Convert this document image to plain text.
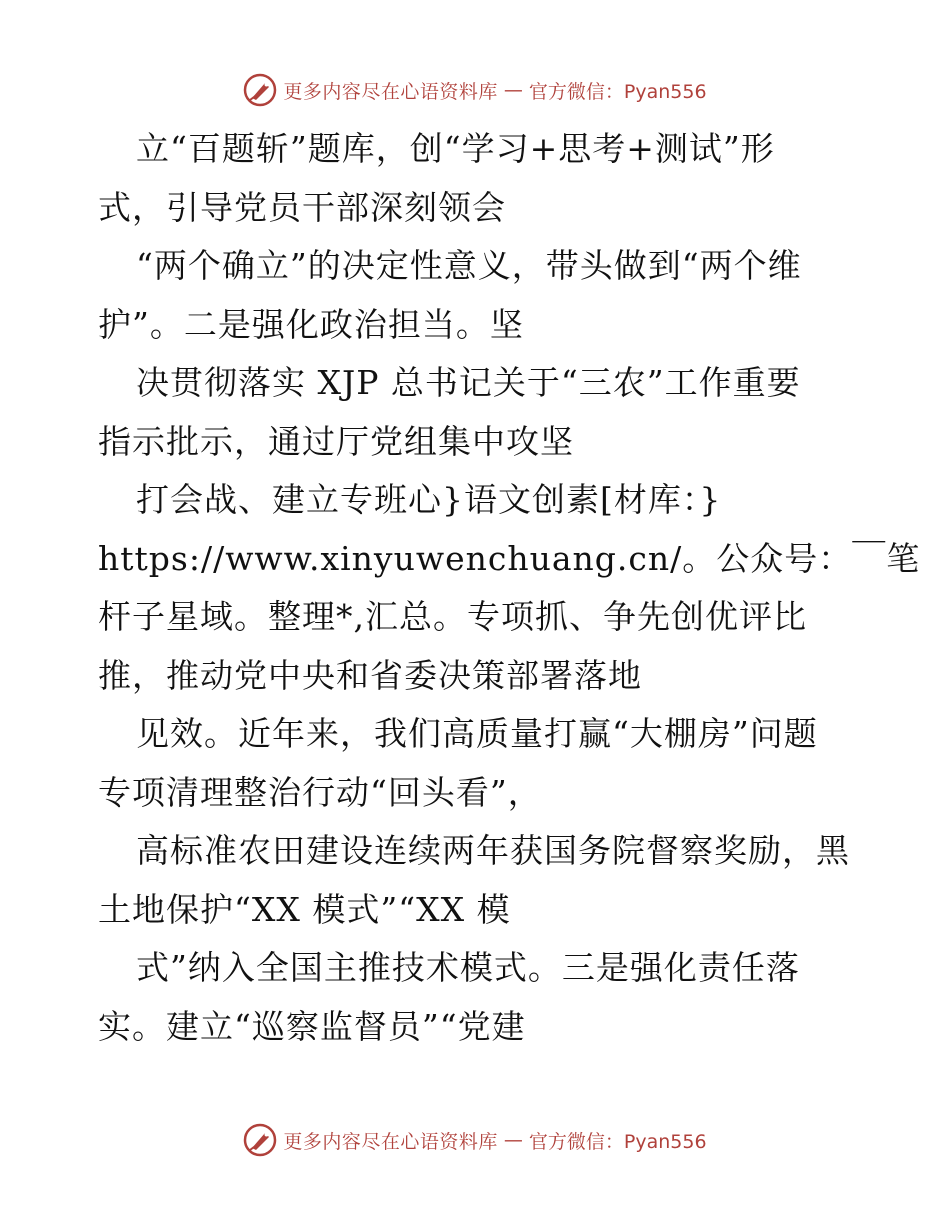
更多内容尽在心语资料库 — 官方微信：Pyan556
立“百题斩”题库，创“学习+思考+测试”形
式，引导党员干部深刻领会
“两个确立”的决定性意义，带头做到“两个维
护”。二是强化政治担当。坚
决贯彻落实 XJP 总书记关于“三农”工作重要
指示批示，通过厅党组集中攻坚
打会战、建立专班心}语文创素[材库：}
https://www.xinyuwenchuang.cn/。公众号：￣笔
杆子星域。整理*,汇总。专项抓、争先创优评比
推，推动党中央和省委决策部署落地
见效。近年来，我们高质量打赢“大棚房”问题
专项清理整治行动“回头看”，
高标准农田建设连续两年获国务院督察奖励，黑
土地保护“XX 模式”“XX 模
式”纳入全国主推技术模式。三是强化责任落
实。建立“巡察监督员”“党建
更多内容尽在心语资料库 — 官方微信：Pyan556
